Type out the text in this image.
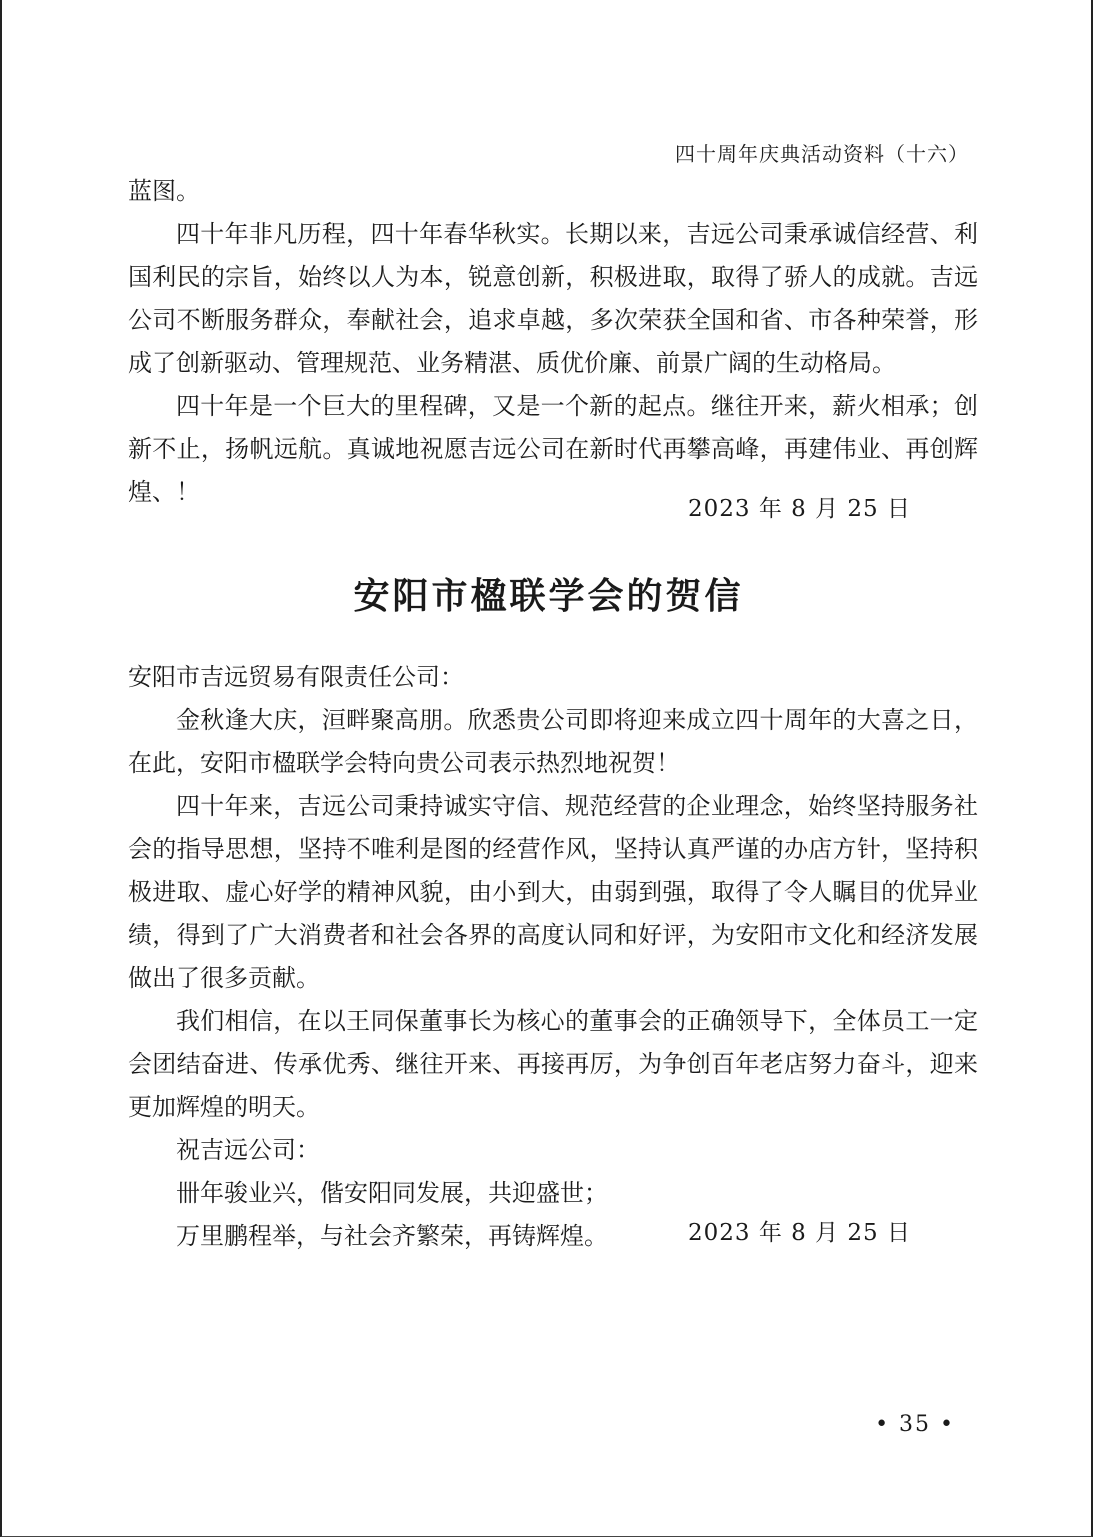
四十周年庆典活动资料（十六）

蓝图。

四十年非凡历程，四十年春华秋实。长期以来，吉远公司秉承诚信经营、利国利民的宗旨，始终以人为本，锐意创新，积极进取，取得了骄人的成就。吉远公司不断服务群众，奉献社会，追求卓越，多次荣获全国和省、市各种荣誉，形成了创新驱动、管理规范、业务精湛、质优价廉、前景广阔的生动格局。

四十年是一个巨大的里程碑，又是一个新的起点。继往开来，薪火相承；创新不止，扬帆远航。真诚地祝愿吉远公司在新时代再攀高峰，再建伟业、再创辉煌、！

2023 年 8 月 25 日
安阳市楹联学会的贺信

安阳市吉远贸易有限责任公司：

金秋逢大庆，洹畔聚高朋。欣悉贵公司即将迎来成立四十周年的大喜之日，在此，安阳市楹联学会特向贵公司表示热烈地祝贺！

四十年来，吉远公司秉持诚实守信、规范经营的企业理念，始终坚持服务社会的指导思想，坚持不唯利是图的经营作风，坚持认真严谨的办店方针，坚持积极进取、虚心好学的精神风貌，由小到大，由弱到强，取得了令人瞩目的优异业绩，得到了广大消费者和社会各界的高度认同和好评，为安阳市文化和经济发展做出了很多贡献。

我们相信，在以王同保董事长为核心的董事会的正确领导下，全体员工一定会团结奋进、传承优秀、继往开来、再接再厉，为争创百年老店努力奋斗，迎来更加辉煌的明天。

祝吉远公司：

卌年骏业兴，偕安阳同发展，共迎盛世；

万里鹏程举，与社会齐繁荣，再铸辉煌。	2023 年 8 月 25 日
• 35 •
